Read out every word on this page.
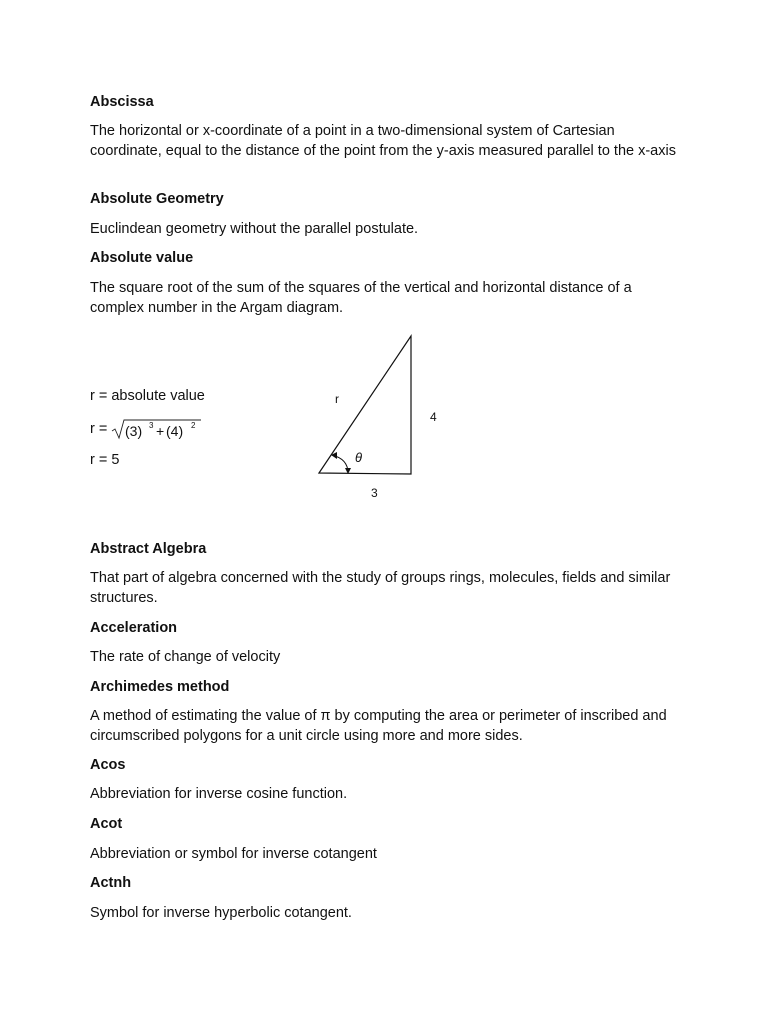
Abscissa

The horizontal or x-coordinate of a point in a two-dimensional system of Cartesian coordinate, equal to the distance of the point from the y-axis measured parallel to the x-axis

Absolute Geometry

Euclindean geometry without the parallel postulate.

Absolute value

The square root of the sum of the squares of the vertical and horizontal distance of a complex number in the Argam diagram.

r = absolute value

r = (3) 3 + (4) 2

r = 5

r
4
3
θ

Abstract Algebra

That part of algebra concerned with the study of groups rings, molecules, fields and similar structures.

Acceleration

The rate of change of velocity

Archimedes method

A method of estimating the value of π by computing the area or perimeter of inscribed and circumscribed polygons for a unit circle using more and more sides.

Acos

Abbreviation for inverse cosine function.

Acot

Abbreviation or symbol for inverse cotangent

Actnh

Symbol for inverse hyperbolic cotangent.
